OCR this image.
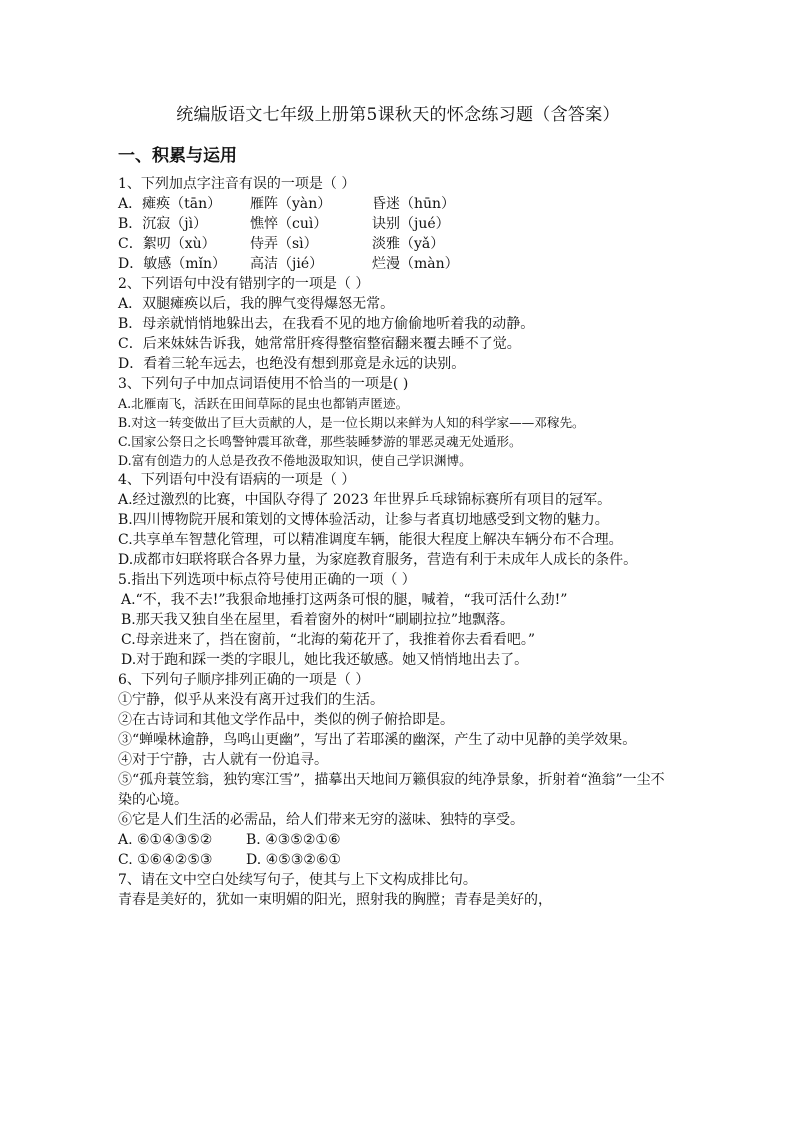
统编版语文七年级上册第5课秋天的怀念练习题（含答案）
一、积累与运用

1、下列加点字注音有误的一项是（ ）

A．瘫痪（tān）	雁阵（yàn）	昏迷（hūn）
B．沉寂（jì）	憔悴（cuì）	诀别（jué）
C．絮叨（xù）	侍弄（sì）	淡雅（yǎ）
D．敏感（mǐn）	高洁（jié）	烂漫（màn）

2、下列语句中没有错别字的一项是（ ）

A．双腿瘫痪以后，我的脾气变得爆怒无常。

B．母亲就悄悄地躲出去，在我看不见的地方偷偷地听着我的动静。

C．后来妹妹告诉我，她常常肝疼得整宿整宿翻来覆去睡不了觉。

D．看着三轮车远去，也绝没有想到那竟是永远的诀别。

3、下列句子中加点词语使用不恰当的一项是( )

A.北雁南飞，活跃在田间草际的昆虫也都销声匿迹。

B.对这一转变做出了巨大贡献的人，是一位长期以来鲜为人知的科学家——邓稼先。

C.国家公祭日之长鸣警钟震耳欲聋，那些装睡梦游的罪恶灵魂无处遁形。

D.富有创造力的人总是孜孜不倦地汲取知识，使自己学识渊博。

4、下列语句中没有语病的一项是（ ）

A.经过激烈的比赛，中国队夺得了 2023 年世界乒乓球锦标赛所有项目的冠军。

B.四川博物院开展和策划的文博体验活动，让参与者真切地感受到文物的魅力。

C.共享单车智慧化管理，可以精准调度车辆，能很大程度上解决车辆分布不合理。

D.成都市妇联将联合各界力量，为家庭教育服务，营造有利于未成年人成长的条件。

5.指出下列选项中标点符号使用正确的一项（ ）

A.“不，我不去!”我狠命地捶打这两条可恨的腿，喊着，“我可活什么劲!”

B.那天我又独自坐在屋里，看着窗外的树叶“刷刷拉拉”地飘落。

C.母亲进来了，挡在窗前，“北海的菊花开了，我推着你去看看吧。”

D.对于跑和踩一类的字眼儿，她比我还敏感。她又悄悄地出去了。

6、下列句子顺序排列正确的一项是（ ）

①宁静，似乎从来没有离开过我们的生活。

②在古诗词和其他文学作品中，类似的例子俯拾即是。

③“蝉噪林逾静，鸟鸣山更幽”，写出了若耶溪的幽深，产生了动中见静的美学效果。

④对于宁静，古人就有一份追寻。

⑤“孤舟蓑笠翁，独钓寒江雪”，描摹出天地间万籁俱寂的纯净景象，折射着“渔翁”一尘不染的心境。

⑥它是人们生活的必需品，给人们带来无穷的滋味、独特的享受。

A. ⑥①④③⑤②	B. ④③⑤②①⑥
C. ①⑥④②⑤③	D. ④⑤③②⑥①

7、请在文中空白处续写句子，使其与上下文构成排比句。

青春是美好的，犹如一束明媚的阳光，照射我的胸膛；青春是美好的，
